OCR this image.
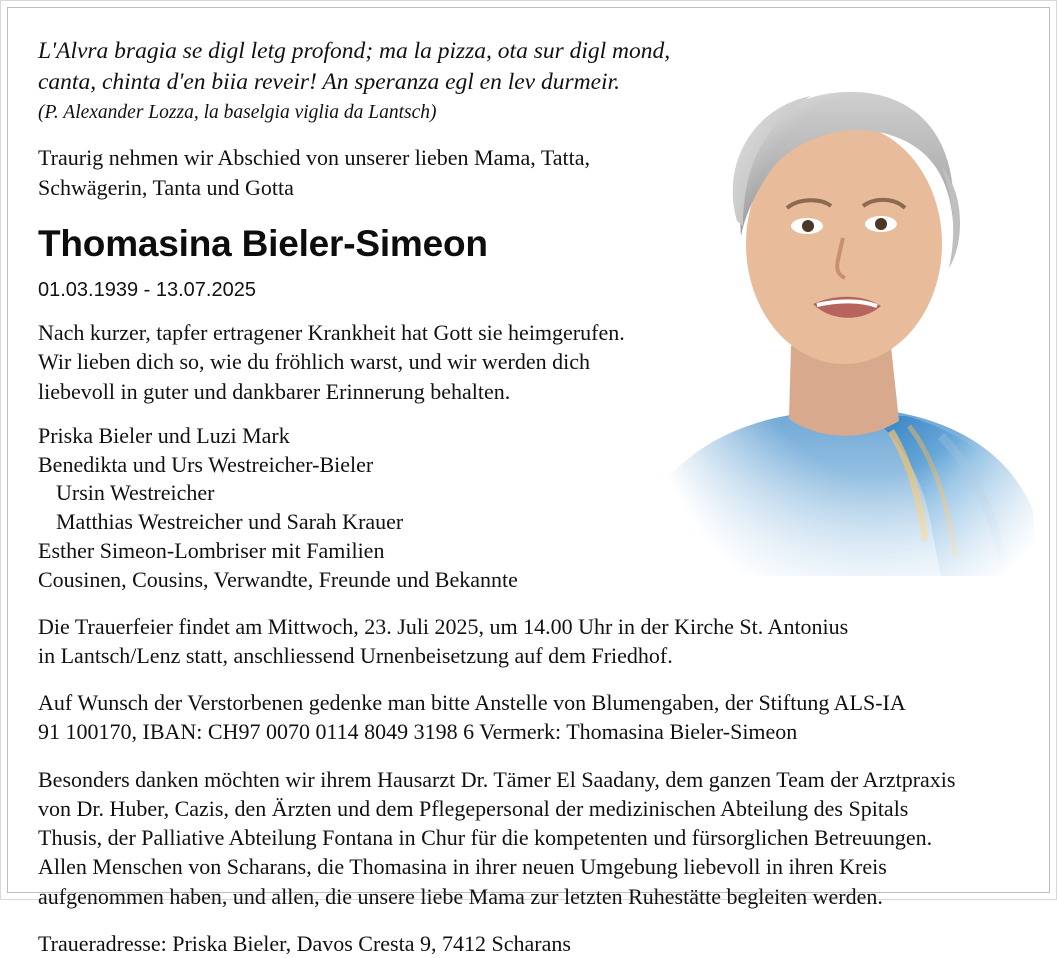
L'Alvra bragia se digl letg profond; ma la pizza, ota sur digl mond,
canta, chinta d'en biia reveir! An speranza egl en lev durmeir.
(P. Alexander Lozza, la baselgia viglia da Lantsch)
Traurig nehmen wir Abschied von unserer lieben Mama, Tatta,
Schwägerin, Tanta und Gotta
Thomasina Bieler-Simeon
01.03.1939 - 13.07.2025
Nach kurzer, tapfer ertragener Krankheit hat Gott sie heimgerufen.
Wir lieben dich so, wie du fröhlich warst, und wir werden dich
liebevoll in guter und dankbarer Erinnerung behalten.
Priska Bieler und Luzi Mark
Benedikta und Urs Westreicher-Bieler
Ursin Westreicher
Matthias Westreicher und Sarah Krauer
Esther Simeon-Lombriser mit Familien
Cousinen, Cousins, Verwandte, Freunde und Bekannte
Die Trauerfeier findet am Mittwoch, 23. Juli 2025, um 14.00 Uhr in der Kirche St. Antonius
in Lantsch/Lenz statt, anschliessend Urnenbeisetzung auf dem Friedhof.
Auf Wunsch der Verstorbenen gedenke man bitte Anstelle von Blumengaben, der Stiftung ALS-IA
91 100170, IBAN: CH97 0070 0114 8049 3198 6 Vermerk: Thomasina Bieler-Simeon
Besonders danken möchten wir ihrem Hausarzt Dr. Tämer El Saadany, dem ganzen Team der Arztpraxis
von Dr. Huber, Cazis, den Ärzten und dem Pflegepersonal der medizinischen Abteilung des Spitals
Thusis, der Palliative Abteilung Fontana in Chur für die kompetenten und fürsorglichen Betreuungen.
Allen Menschen von Scharans, die Thomasina in ihrer neuen Umgebung liebevoll in ihren Kreis
aufgenommen haben, und allen, die unsere liebe Mama zur letzten Ruhestätte begleiten werden.
Traueradresse: Priska Bieler, Davos Cresta 9, 7412 Scharans
